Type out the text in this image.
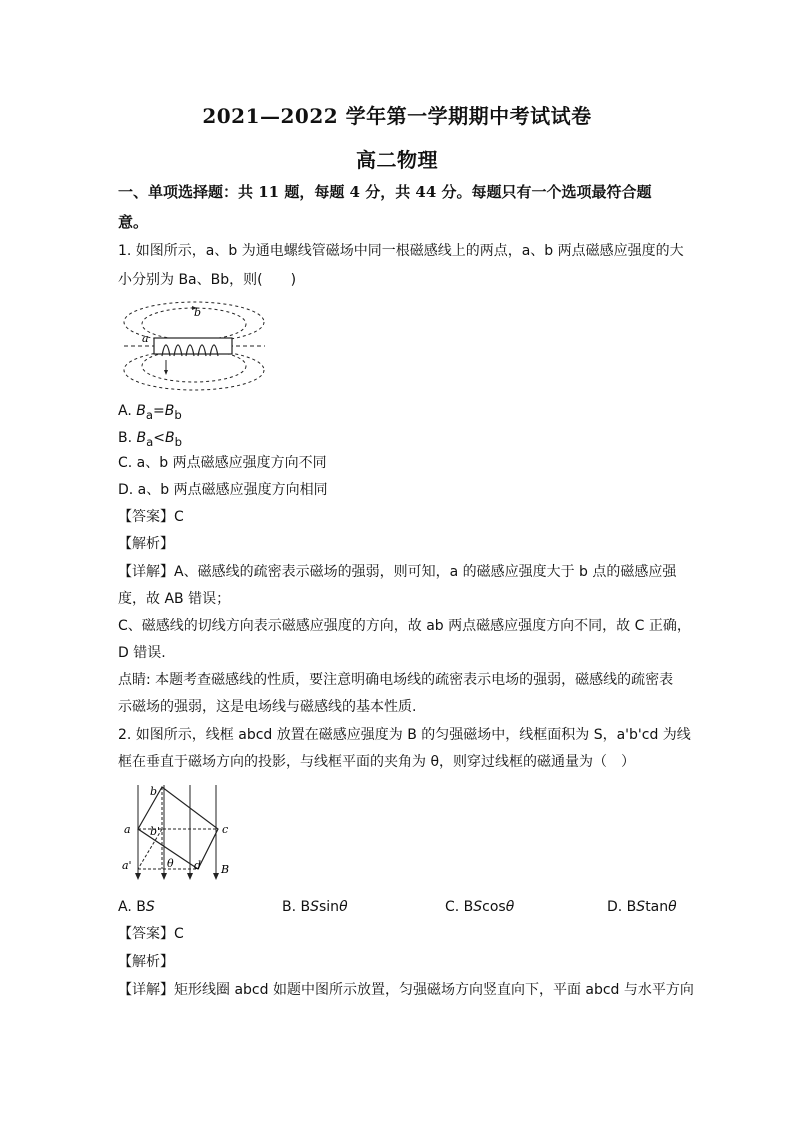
2021—2022 学年第一学期期中考试试卷
高二物理
一、单项选择题：共 11 题，每题 4 分，共 44 分。每题只有一个选项最符合题
意。
1. 如图所示，a、b 为通电螺线管磁场中同一根磁感线上的两点，a、b 两点磁感应强度的大
小分别为 Ba、Bb，则(　　)
b
a
A. $B_a=B_b$
B. $B_a<B_b$
C. a、b 两点磁感应强度方向不同
D. a、b 两点磁感应强度方向相同
【答案】C
【解析】
【详解】A、磁感线的疏密表示磁场的强弱，则可知，a 的磁感应强度大于 b 点的磁感应强
度，故 AB 错误；
C、磁感线的切线方向表示磁感应强度的方向，故 ab 两点磁感应强度方向不同，故 C 正确，
D 错误.
点睛: 本题考查磁感线的性质，要注意明确电场线的疏密表示电场的强弱，磁感线的疏密表
示磁场的强弱，这是电场线与磁感线的基本性质.
2. 如图所示，线框 abcd 放置在磁感应强度为 B 的匀强磁场中，线框面积为 S，a'b'cd 为线
框在垂直于磁场方向的投影，与线框平面的夹角为 θ，则穿过线框的磁通量为（　）
b
a b'	c
a'	θ d B
A. BS	B. BSsinθ	C. BScosθ	D. BStanθ
【答案】C
【解析】
【详解】矩形线圈 abcd 如题中图所示放置，匀强磁场方向竖直向下，平面 abcd 与水平方向
